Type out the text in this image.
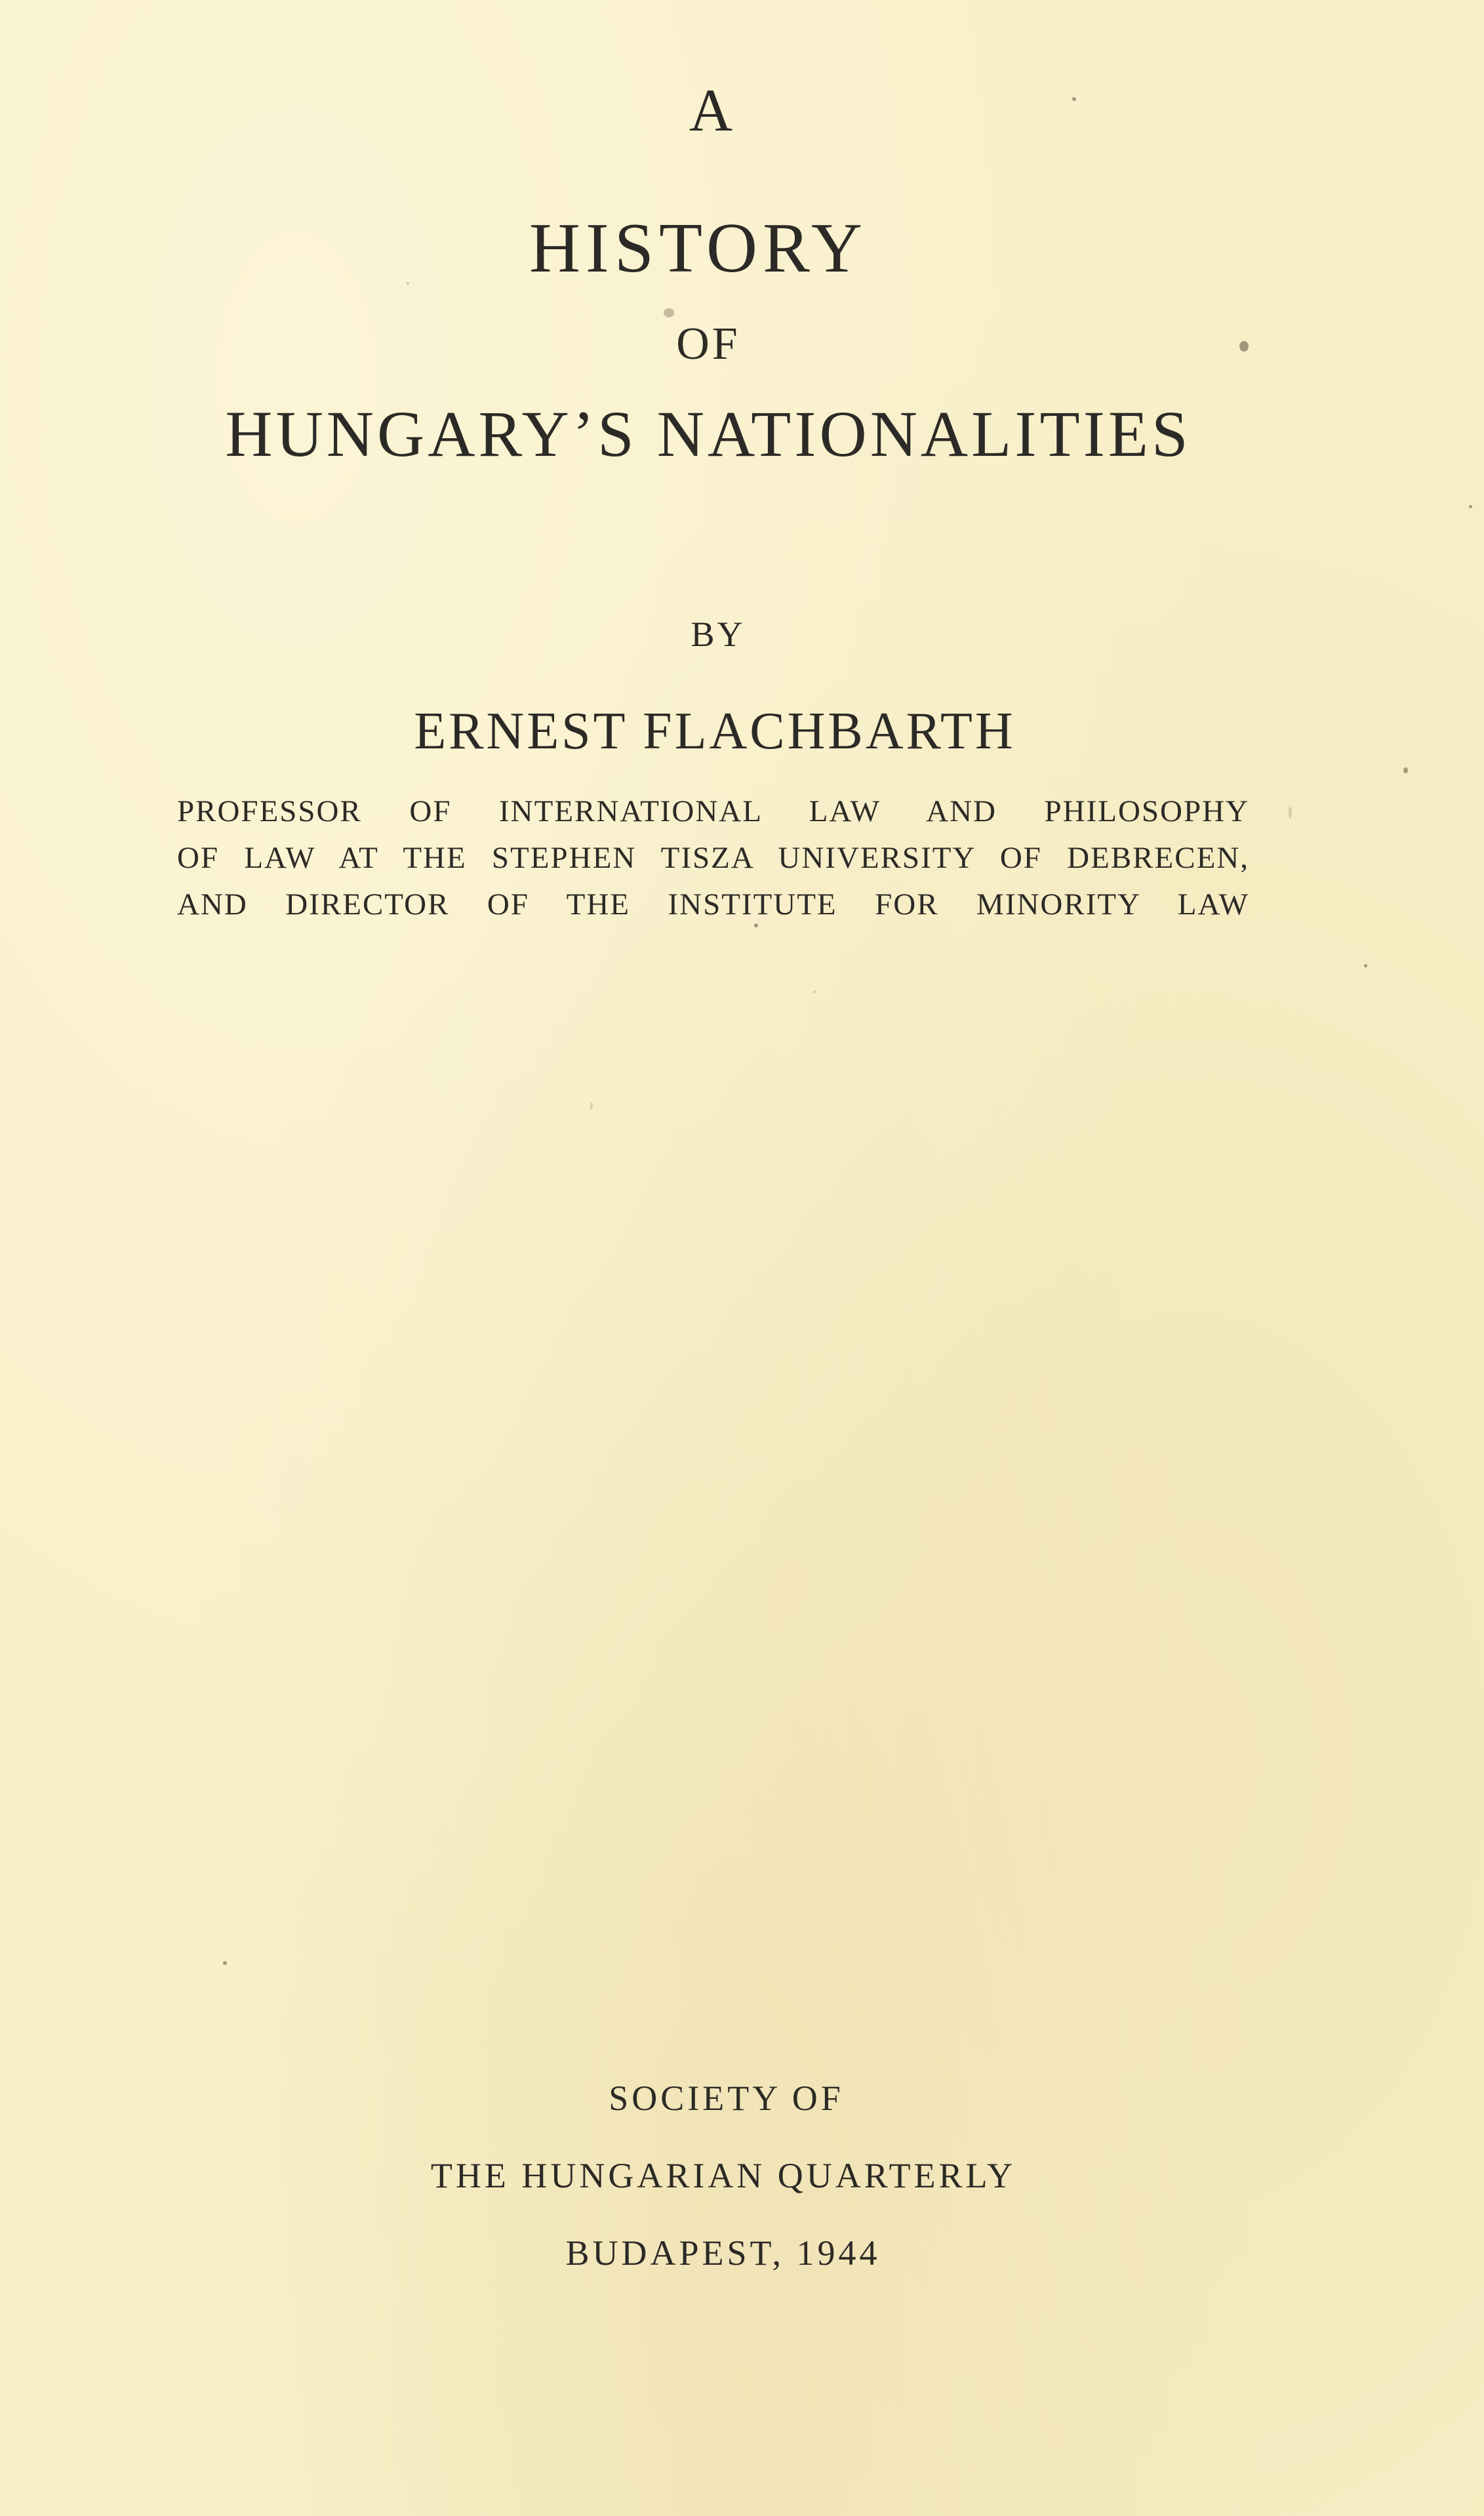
A
HISTORY
OF
HUNGARY’S NATIONALITIES
BY
ERNEST FLACHBARTH
PROFESSOR OF INTERNATIONAL LAW AND PHILOSOPHY
OF LAW AT THE STEPHEN TISZA UNIVERSITY OF DEBRECEN,
AND DIRECTOR OF THE INSTITUTE FOR MINORITY LAW
SOCIETY OF
THE HUNGARIAN QUARTERLY
BUDAPEST, 1944
